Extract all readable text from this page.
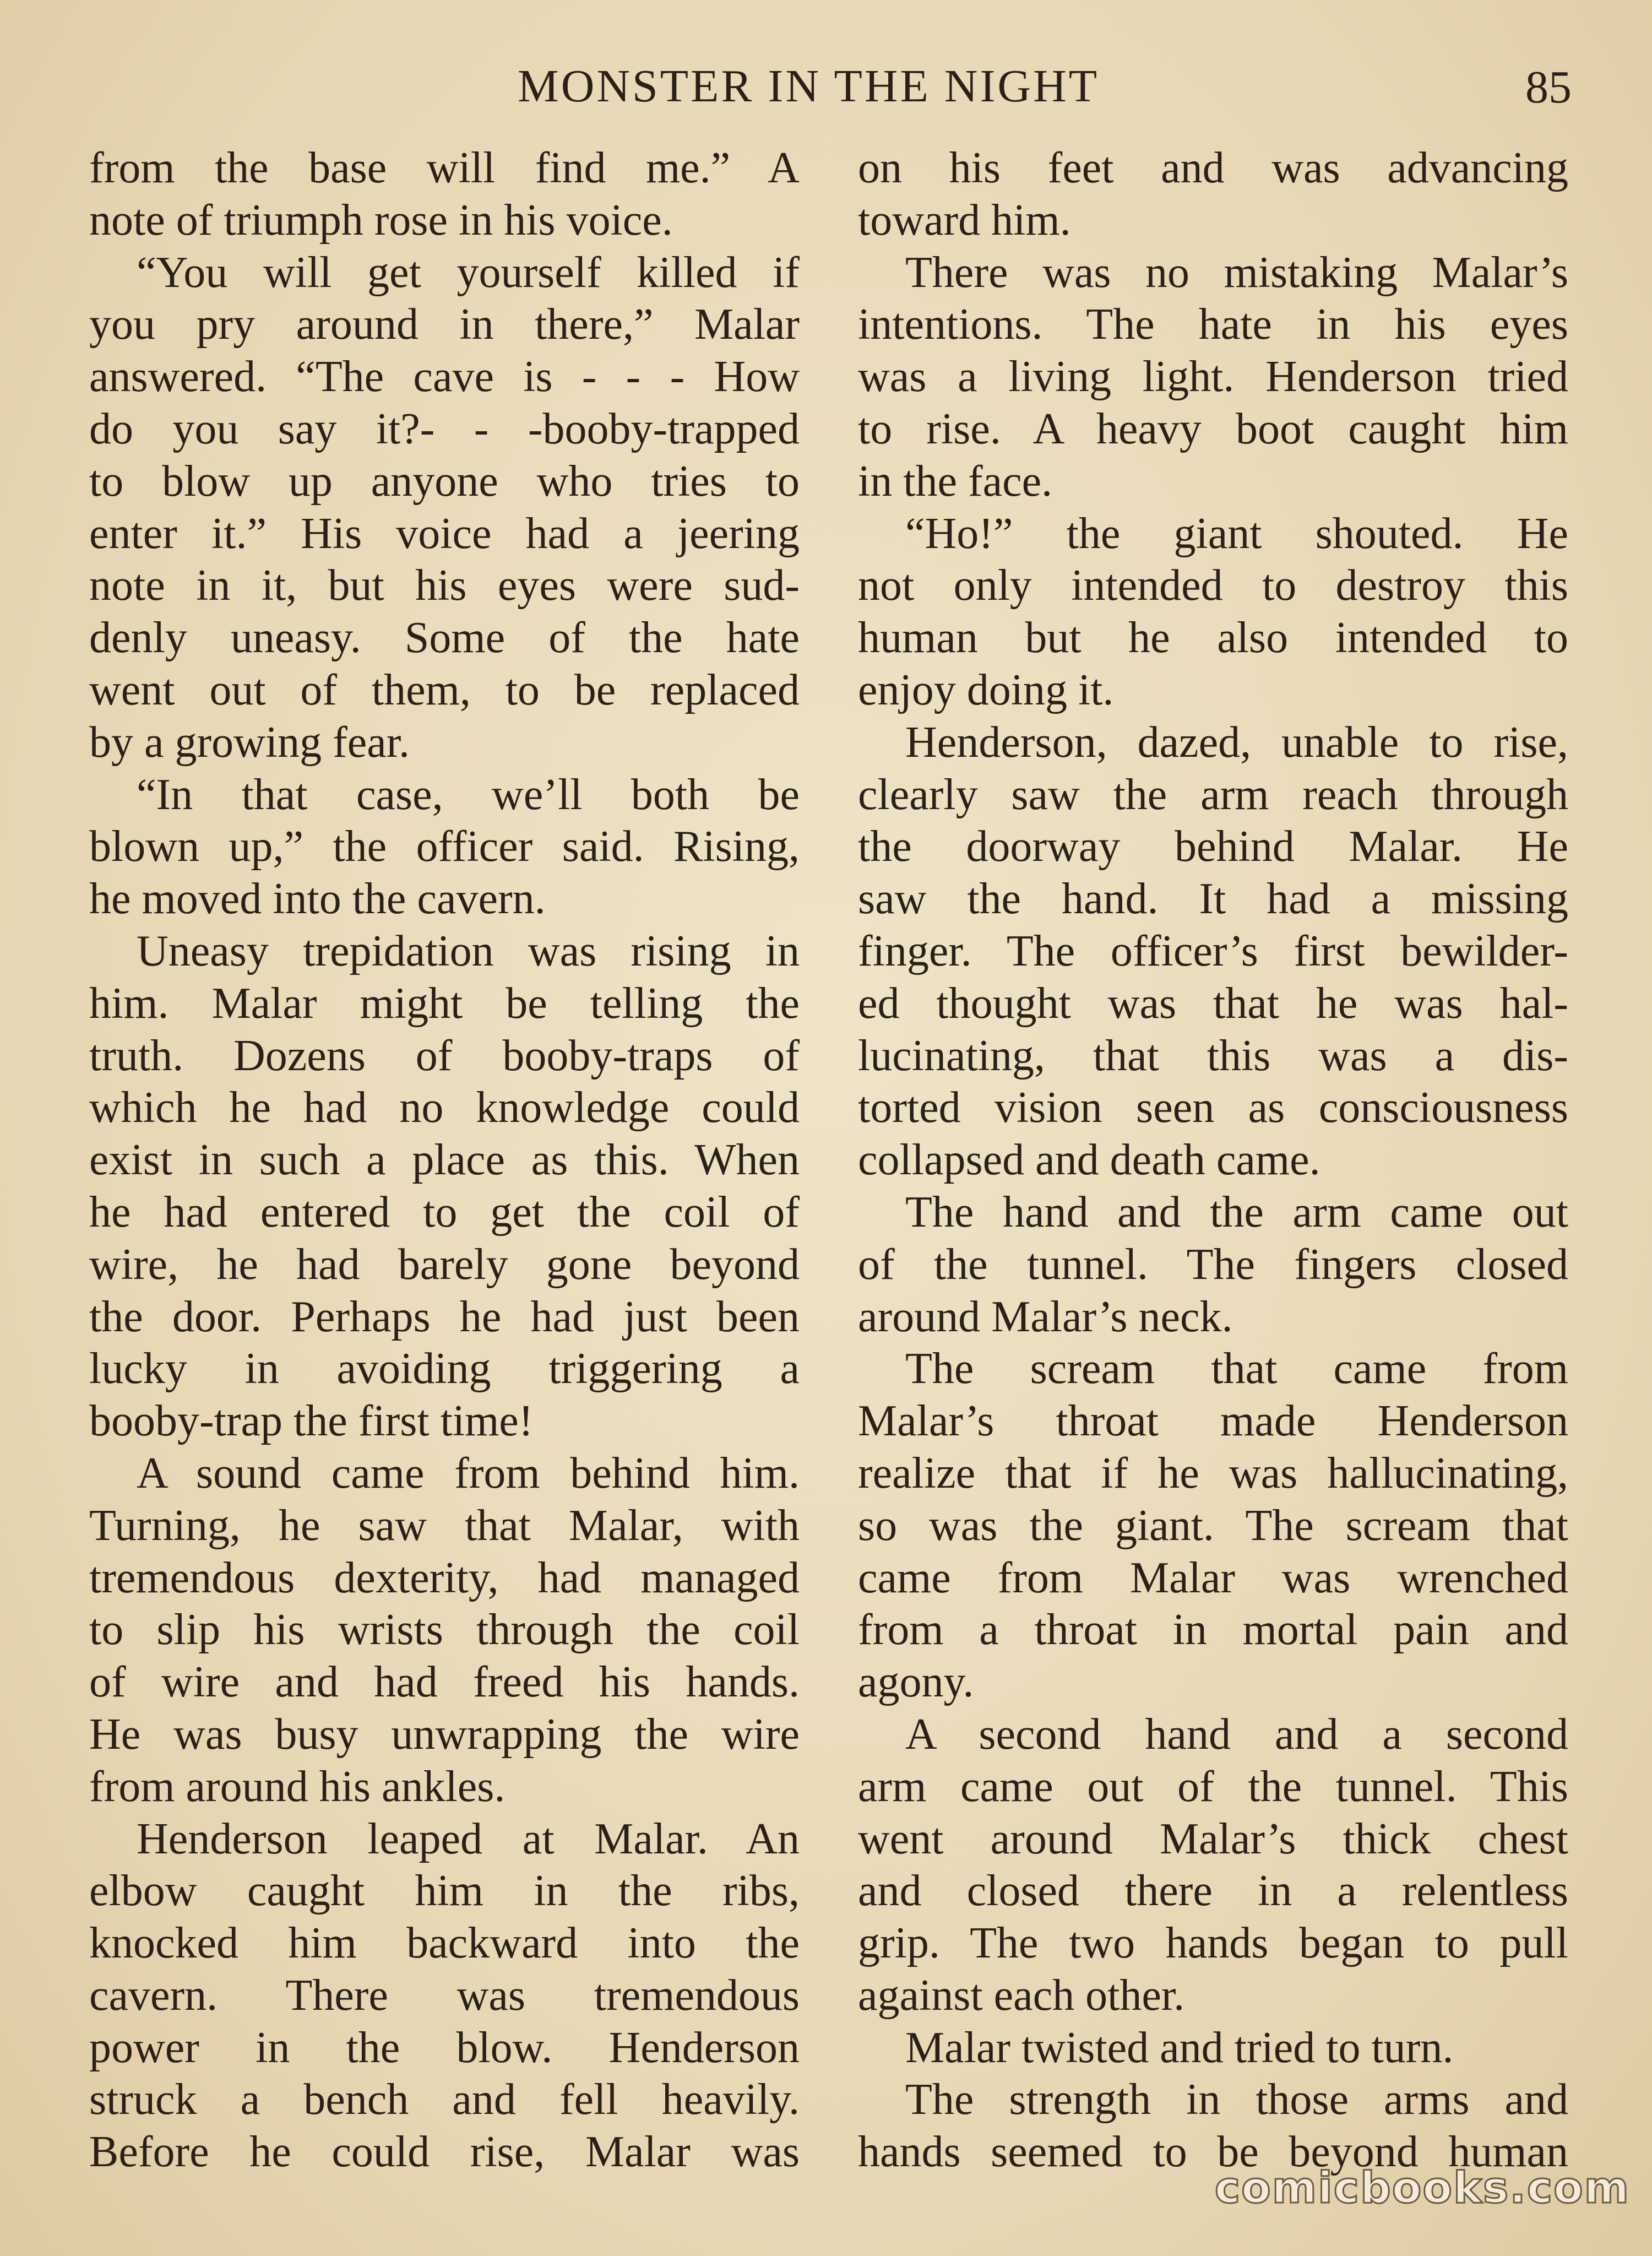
MONSTER IN THE NIGHT	85
from the base will find me.” A
note of triumph rose in his voice.
“You will get yourself killed if
you pry around in there,” Malar
answered. “The cave is - - - How
do you say it?- - -booby-trapped
to blow up anyone who tries to
enter it.” His voice had a jeering
note in it, but his eyes were sud-
denly uneasy. Some of the hate
went out of them, to be replaced
by a growing fear.
“In that case, we’ll both be
blown up,” the officer said. Rising,
he moved into the cavern.
Uneasy trepidation was rising in
him. Malar might be telling the
truth. Dozens of booby-traps of
which he had no knowledge could
exist in such a place as this. When
he had entered to get the coil of
wire, he had barely gone beyond
the door. Perhaps he had just been
lucky in avoiding triggering a
booby-trap the first time!
A sound came from behind him.
Turning, he saw that Malar, with
tremendous dexterity, had managed
to slip his wrists through the coil
of wire and had freed his hands.
He was busy unwrapping the wire
from around his ankles.
Henderson leaped at Malar. An
elbow caught him in the ribs,
knocked him backward into the
cavern. There was tremendous
power in the blow. Henderson
struck a bench and fell heavily.
Before he could rise, Malar was
on his feet and was advancing
toward him.
There was no mistaking Malar’s
intentions. The hate in his eyes
was a living light. Henderson tried
to rise. A heavy boot caught him
in the face.
“Ho!” the giant shouted. He
not only intended to destroy this
human but he also intended to
enjoy doing it.
Henderson, dazed, unable to rise,
clearly saw the arm reach through
the doorway behind Malar. He
saw the hand. It had a missing
finger. The officer’s first bewilder-
ed thought was that he was hal-
lucinating, that this was a dis-
torted vision seen as consciousness
collapsed and death came.
The hand and the arm came out
of the tunnel. The fingers closed
around Malar’s neck.
The scream that came from
Malar’s throat made Henderson
realize that if he was hallucinating,
so was the giant. The scream that
came from Malar was wrenched
from a throat in mortal pain and
agony.
A second hand and a second
arm came out of the tunnel. This
went around Malar’s thick chest
and closed there in a relentless
grip. The two hands began to pull
against each other.
Malar twisted and tried to turn.
The strength in those arms and
hands seemed to be beyond human
comicbooks.com
